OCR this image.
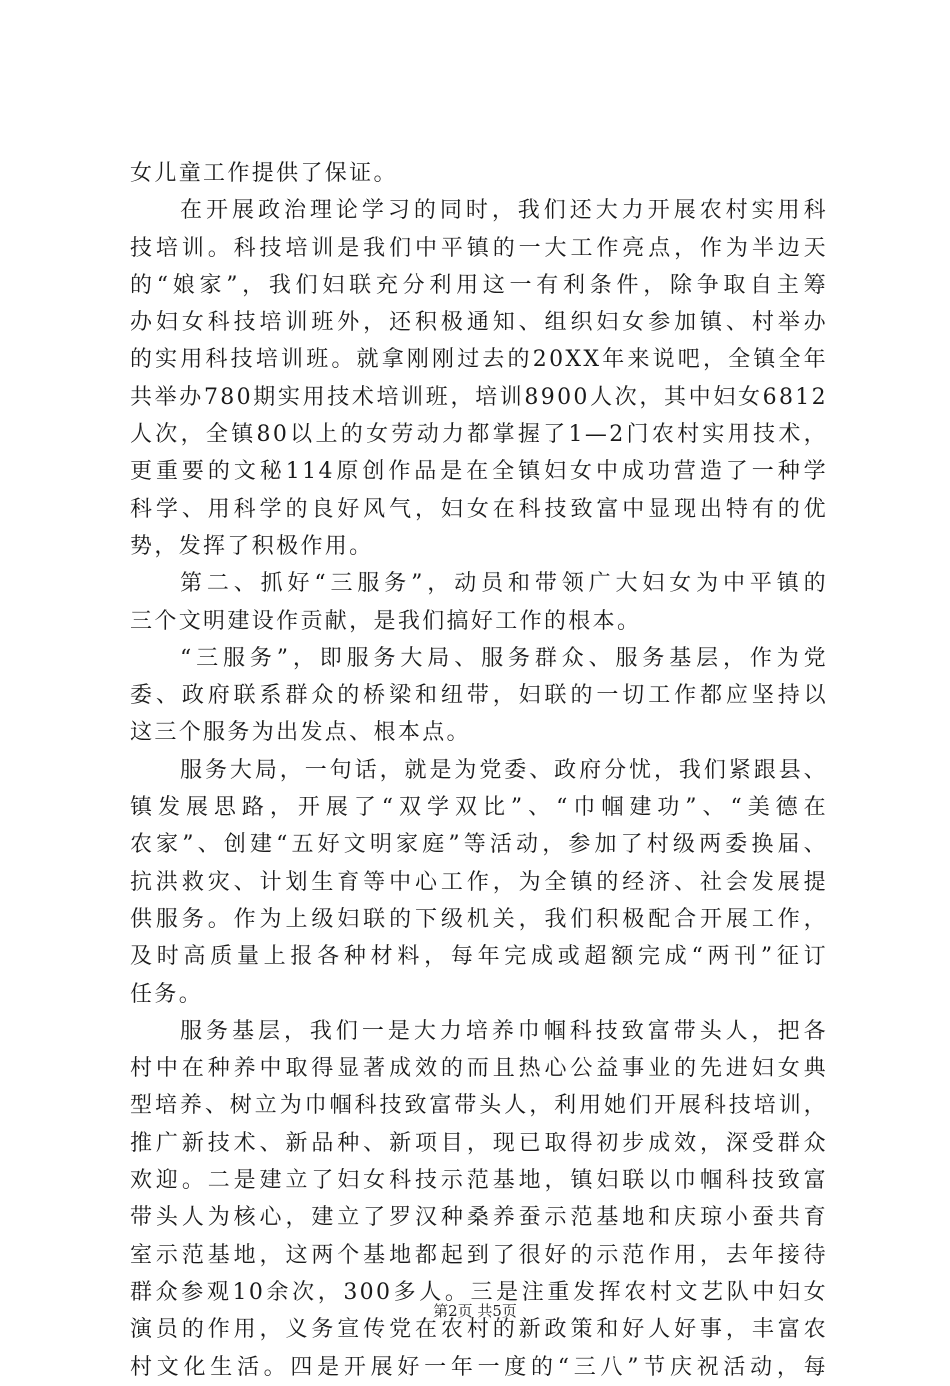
女儿童工作提供了保证。
在开展政治理论学习的同时，我们还大力开展农村实用科
技培训。科技培训是我们中平镇的一大工作亮点，作为半边天
的“娘家”，我们妇联充分利用这一有利条件，除争取自主筹
办妇女科技培训班外，还积极通知、组织妇女参加镇、村举办
的实用科技培训班。就拿刚刚过去的20XX年来说吧，全镇全年
共举办780期实用技术培训班，培训8900人次，其中妇女6812
人次，全镇80以上的女劳动力都掌握了1—2门农村实用技术，
更重要的文秘114原创作品是在全镇妇女中成功营造了一种学
科学、用科学的良好风气，妇女在科技致富中显现出特有的优
势，发挥了积极作用。
第二、抓好“三服务”，动员和带领广大妇女为中平镇的
三个文明建设作贡献，是我们搞好工作的根本。
“三服务”，即服务大局、服务群众、服务基层，作为党
委、政府联系群众的桥梁和纽带，妇联的一切工作都应坚持以
这三个服务为出发点、根本点。
服务大局，一句话，就是为党委、政府分忧，我们紧跟县、
镇发展思路，开展了“双学双比”、“巾帼建功”、“美德在
农家”、创建“五好文明家庭”等活动，参加了村级两委换届、
抗洪救灾、计划生育等中心工作，为全镇的经济、社会发展提
供服务。作为上级妇联的下级机关，我们积极配合开展工作，
及时高质量上报各种材料，每年完成或超额完成“两刊”征订
任务。
服务基层，我们一是大力培养巾帼科技致富带头人，把各
村中在种养中取得显著成效的而且热心公益事业的先进妇女典
型培养、树立为巾帼科技致富带头人，利用她们开展科技培训，
推广新技术、新品种、新项目，现已取得初步成效，深受群众
欢迎。二是建立了妇女科技示范基地，镇妇联以巾帼科技致富
带头人为核心，建立了罗汉种桑养蚕示范基地和庆琼小蚕共育
室示范基地，这两个基地都起到了很好的示范作用，去年接待
群众参观10余次，300多人。三是注重发挥农村文艺队中妇女
演员的作用，义务宣传党在农村的新政策和好人好事，丰富农
村文化生活。四是开展好一年一度的“三八”节庆祝活动，每
第2页 共5页
